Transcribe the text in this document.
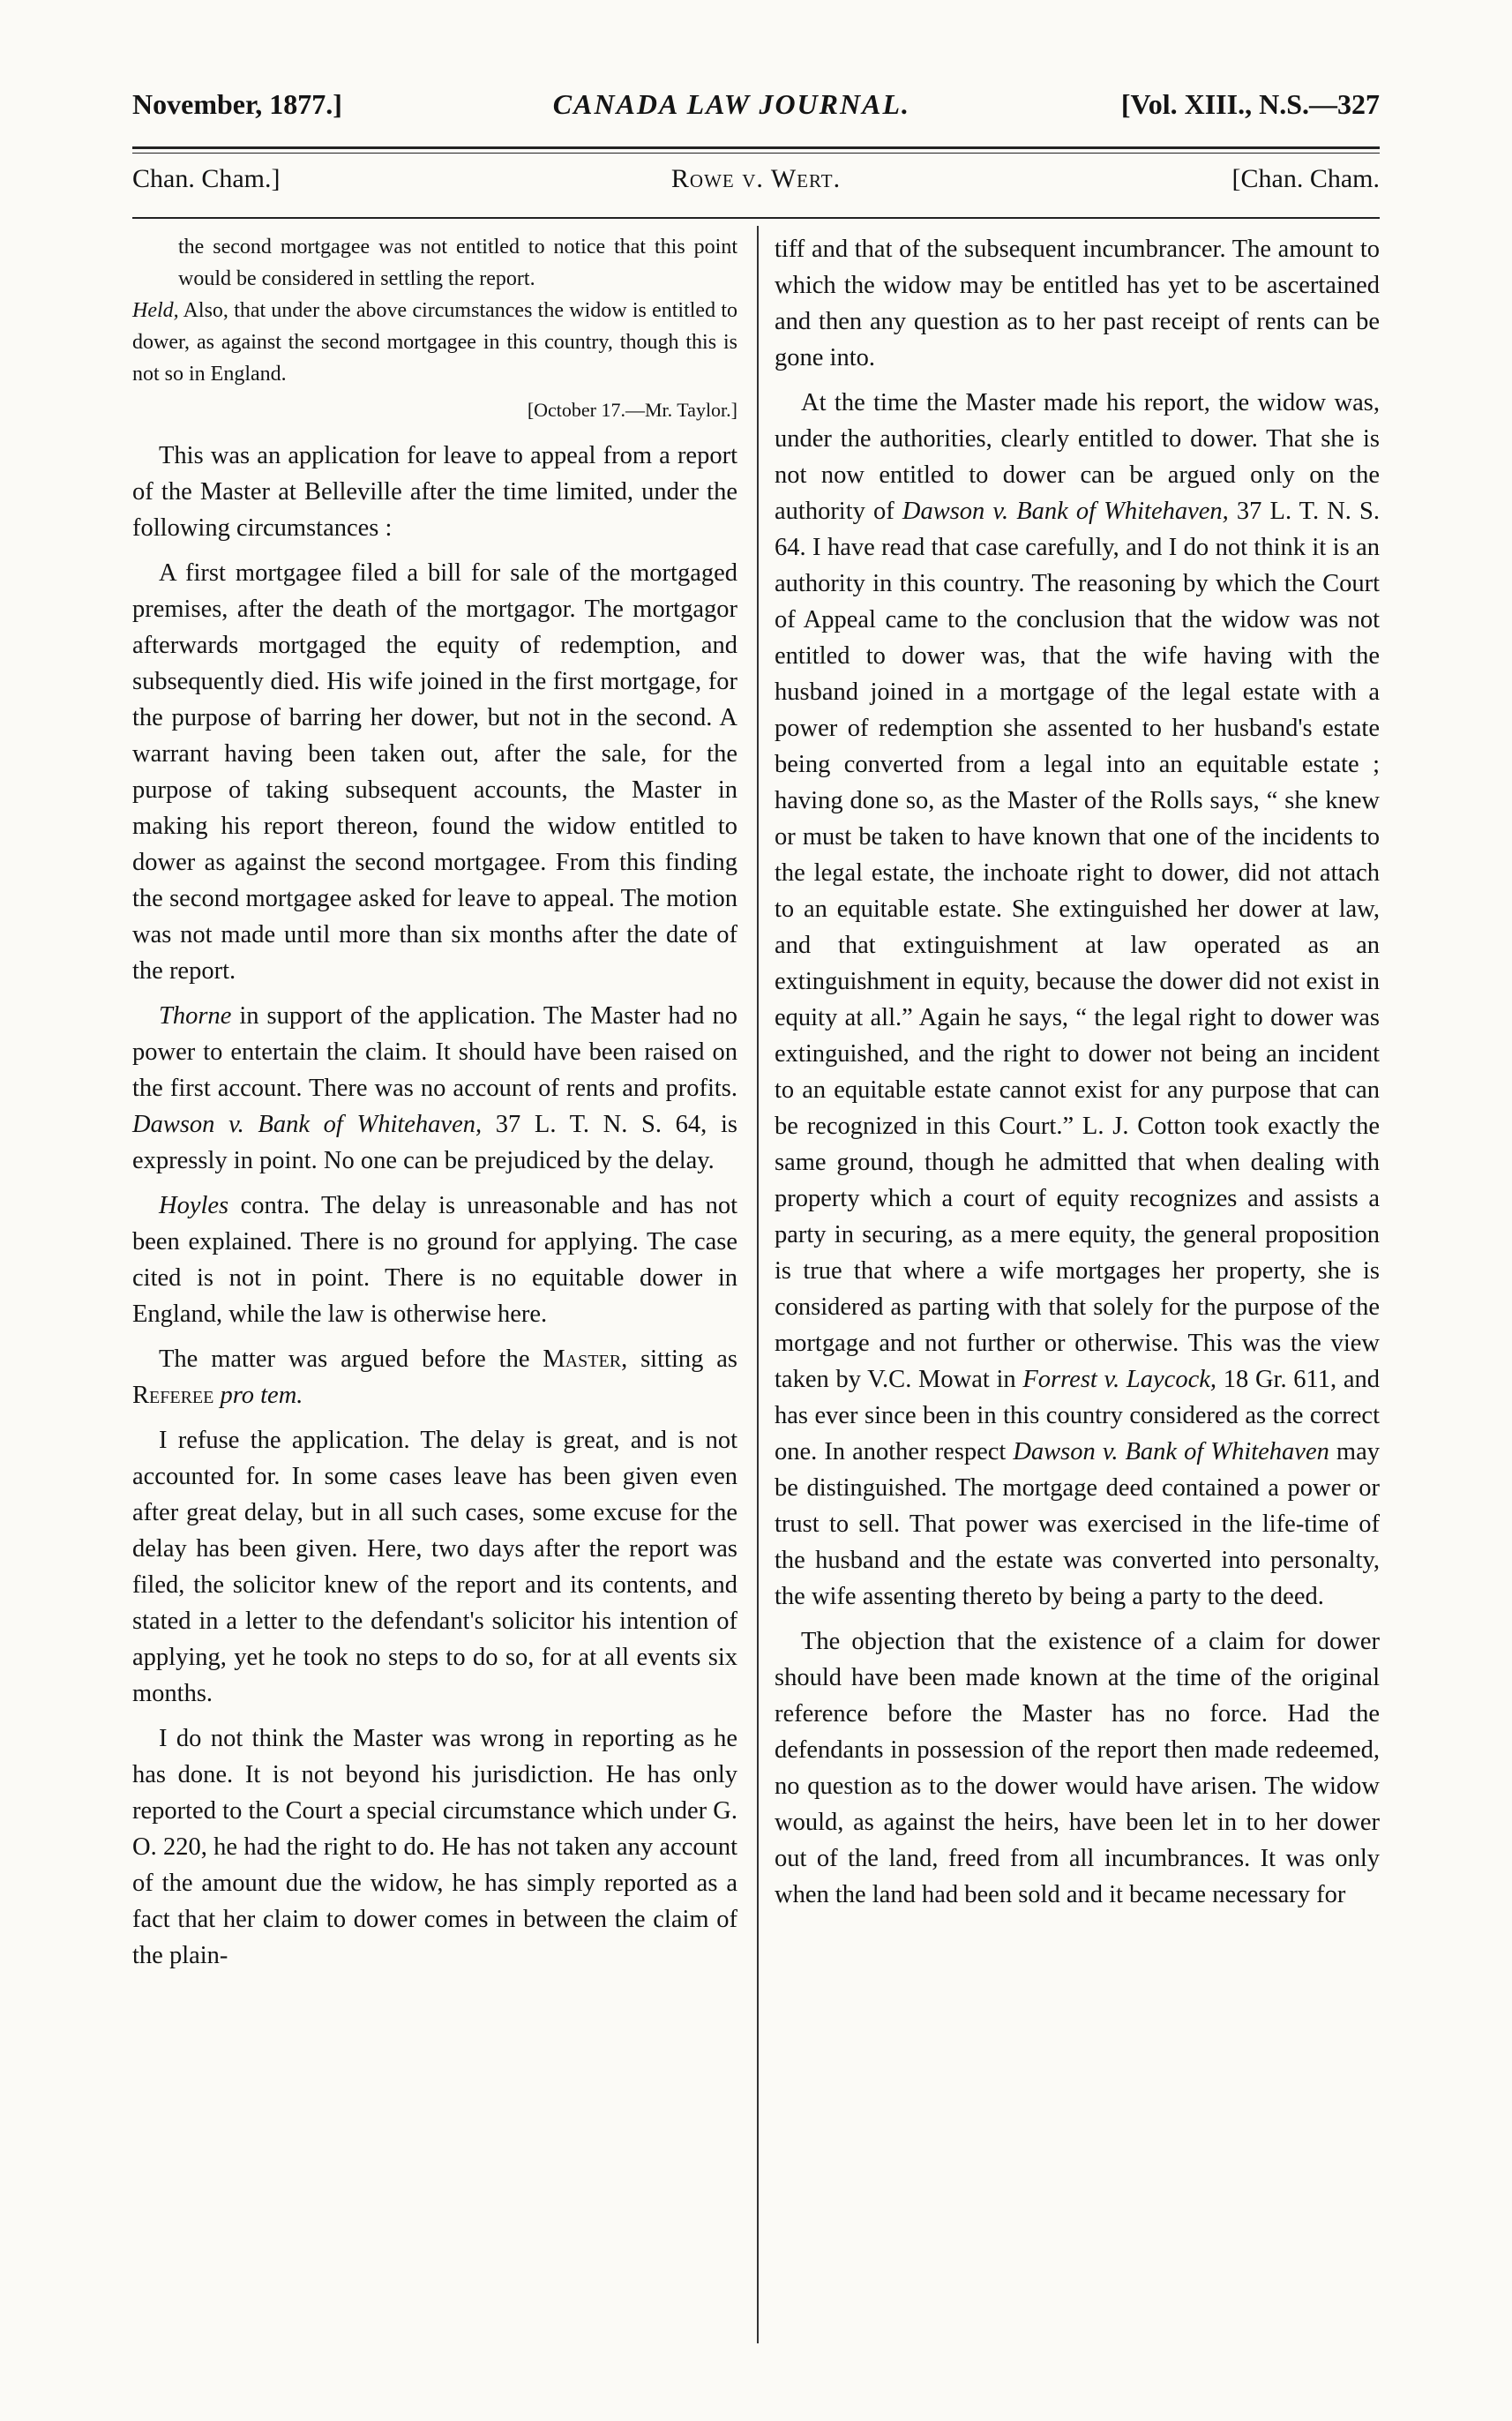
November, 1877.]	CANADA LAW JOURNAL.	[Vol. XIII., N.S.—327
Chan. Cham.]	Rowe v. Wert.	[Chan. Cham.

the second mortgagee was not entitled to notice that this point would be considered in settling the report.

Held, Also, that under the above circumstances the widow is entitled to dower, as against the second mortgagee in this country, though this is not so in England.

[October 17.—Mr. Taylor.]

This was an application for leave to appeal from a report of the Master at Belleville after the time limited, under the following circumstances :

A first mortgagee filed a bill for sale of the mortgaged premises, after the death of the mortgagor. The mortgagor afterwards mortgaged the equity of redemption, and subsequently died. His wife joined in the first mortgage, for the purpose of barring her dower, but not in the second. A warrant having been taken out, after the sale, for the purpose of taking subsequent accounts, the Master in making his report thereon, found the widow entitled to dower as against the second mortgagee. From this finding the second mortgagee asked for leave to appeal. The motion was not made until more than six months after the date of the report.

Thorne in support of the application. The Master had no power to entertain the claim. It should have been raised on the first account. There was no account of rents and profits. Dawson v. Bank of Whitehaven, 37 L. T. N. S. 64, is expressly in point. No one can be prejudiced by the delay.

Hoyles contra. The delay is unreasonable and has not been explained. There is no ground for applying. The case cited is not in point. There is no equitable dower in England, while the law is otherwise here.

The matter was argued before the Master, sitting as Referee pro tem.

I refuse the application. The delay is great, and is not accounted for. In some cases leave has been given even after great delay, but in all such cases, some excuse for the delay has been given. Here, two days after the report was filed, the solicitor knew of the report and its contents, and stated in a letter to the defendant's solicitor his intention of applying, yet he took no steps to do so, for at all events six months.

I do not think the Master was wrong in reporting as he has done. It is not beyond his jurisdiction. He has only reported to the Court a special circumstance which under G. O. 220, he had the right to do. He has not taken any account of the amount due the widow, he has simply reported as a fact that her claim to dower comes in between the claim of the plain-

tiff and that of the subsequent incumbrancer. The amount to which the widow may be entitled has yet to be ascertained and then any question as to her past receipt of rents can be gone into.

At the time the Master made his report, the widow was, under the authorities, clearly entitled to dower. That she is not now entitled to dower can be argued only on the authority of Dawson v. Bank of Whitehaven, 37 L. T. N. S. 64. I have read that case carefully, and I do not think it is an authority in this country. The reasoning by which the Court of Appeal came to the conclusion that the widow was not entitled to dower was, that the wife having with the husband joined in a mortgage of the legal estate with a power of redemption she assented to her husband's estate being converted from a legal into an equitable estate ; having done so, as the Master of the Rolls says, “ she knew or must be taken to have known that one of the incidents to the legal estate, the inchoate right to dower, did not attach to an equitable estate. She extinguished her dower at law, and that extinguishment at law operated as an extinguishment in equity, because the dower did not exist in equity at all.” Again he says, “ the legal right to dower was extinguished, and the right to dower not being an incident to an equitable estate cannot exist for any purpose that can be recognized in this Court.” L. J. Cotton took exactly the same ground, though he admitted that when dealing with property which a court of equity recognizes and assists a party in securing, as a mere equity, the general proposition is true that where a wife mortgages her property, she is considered as parting with that solely for the purpose of the mortgage and not further or otherwise. This was the view taken by V.C. Mowat in Forrest v. Laycock, 18 Gr. 611, and has ever since been in this country considered as the correct one. In another respect Dawson v. Bank of Whitehaven may be distinguished. The mortgage deed contained a power or trust to sell. That power was exercised in the life-time of the husband and the estate was converted into personalty, the wife assenting thereto by being a party to the deed.

The objection that the existence of a claim for dower should have been made known at the time of the original reference before the Master has no force. Had the defendants in possession of the report then made redeemed, no question as to the dower would have arisen. The widow would, as against the heirs, have been let in to her dower out of the land, freed from all incumbrances. It was only when the land had been sold and it became necessary for
